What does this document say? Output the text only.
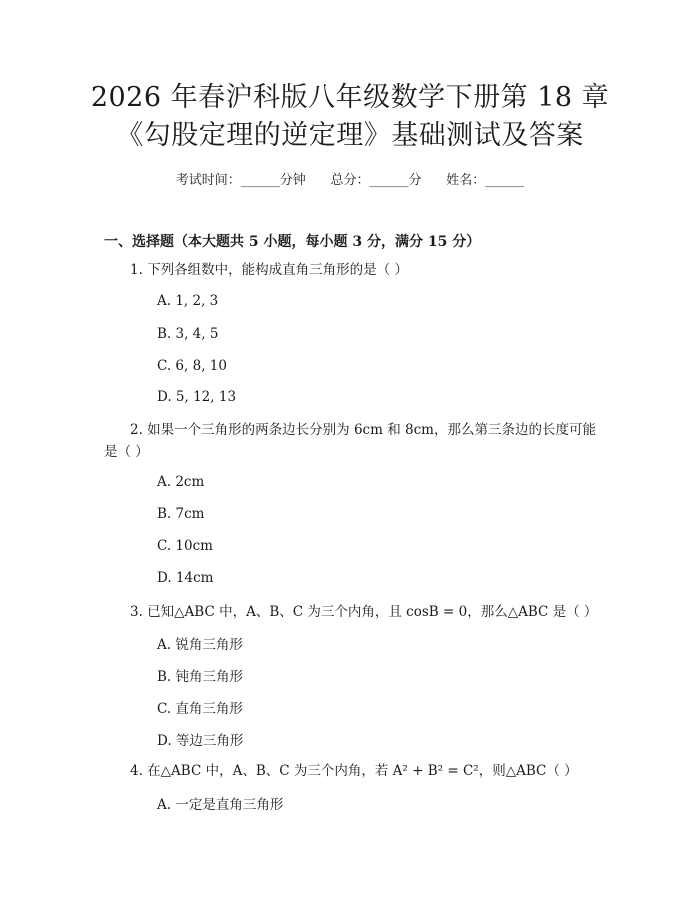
2026 年春沪科版八年级数学下册第 18 章
《勾股定理的逆定理》基础测试及答案
考试时间：______分钟      总分：______分      姓名：______
一、选择题（本大题共 5 小题，每小题 3 分，满分 15 分）
1. 下列各组数中，能构成直角三角形的是（ ）
A. 1, 2, 3
B. 3, 4, 5
C. 6, 8, 10
D. 5, 12, 13
2. 如果一个三角形的两条边长分别为 6cm 和 8cm，那么第三条边的长度可能是（ ）
A. 2cm
B. 7cm
C. 10cm
D. 14cm
3. 已知△ABC 中，A、B、C 为三个内角，且 cosB = 0，那么△ABC 是（ ）
A. 锐角三角形
B. 钝角三角形
C. 直角三角形
D. 等边三角形
4. 在△ABC 中，A、B、C 为三个内角，若 A² + B² = C²，则△ABC（ ）
A. 一定是直角三角形
